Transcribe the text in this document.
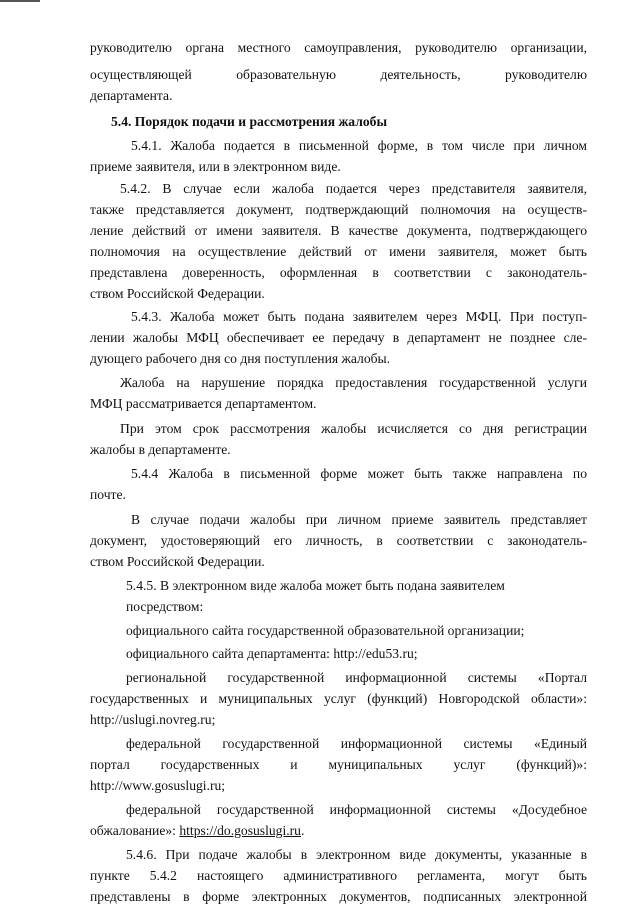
руководителю органа местного самоуправления, руководителю организации,
осуществляющей образовательную деятельность, руководителю
департамента.
5.4. Порядок подачи и рассмотрения жалобы
5.4.1. Жалоба подается в письменной форме, в том числе при личном
приеме заявителя, или в электронном виде.
5.4.2. В случае если жалоба подается через представителя заявителя,
также представляется документ, подтверждающий полномочия на осуществ-
ление действий от имени заявителя. В качестве документа, подтверждающего
полномочия на осуществление действий от имени заявителя, может быть
представлена доверенность, оформленная в соответствии с законодатель-
ством Российской Федерации.
5.4.3. Жалоба может быть подана заявителем через МФЦ. При поступ-
лении жалобы МФЦ обеспечивает ее передачу в департамент не позднее сле-
дующего рабочего дня со дня поступления жалобы.
Жалоба на нарушение порядка предоставления государственной услуги
МФЦ рассматривается департаментом.
При этом срок рассмотрения жалобы исчисляется со дня регистрации
жалобы в департаменте.
5.4.4 Жалоба в письменной форме может быть также направлена по
почте.
В случае подачи жалобы при личном приеме заявитель представляет
документ, удостоверяющий его личность, в соответствии с законодатель-
ством Российской Федерации.
5.4.5. В электронном виде жалоба может быть подана заявителем
посредством:
официального сайта государственной образовательной организации;
официального сайта департамента: http://edu53.ru;
региональной государственной информационной системы «Портал
государственных и муниципальных услуг (функций) Новгородской области»:
http://uslugi.novreg.ru;
федеральной государственной информационной системы «Единый
портал государственных и муниципальных услуг (функций)»:
http://www.gosuslugi.ru;
федеральной государственной информационной системы «Досудебное
обжалование»: https://do.gosuslugi.ru.
5.4.6. При подаче жалобы в электронном виде документы, указанные в
пункте 5.4.2 настоящего административного регламента, могут быть
представлены в форме электронных документов, подписанных электронной
